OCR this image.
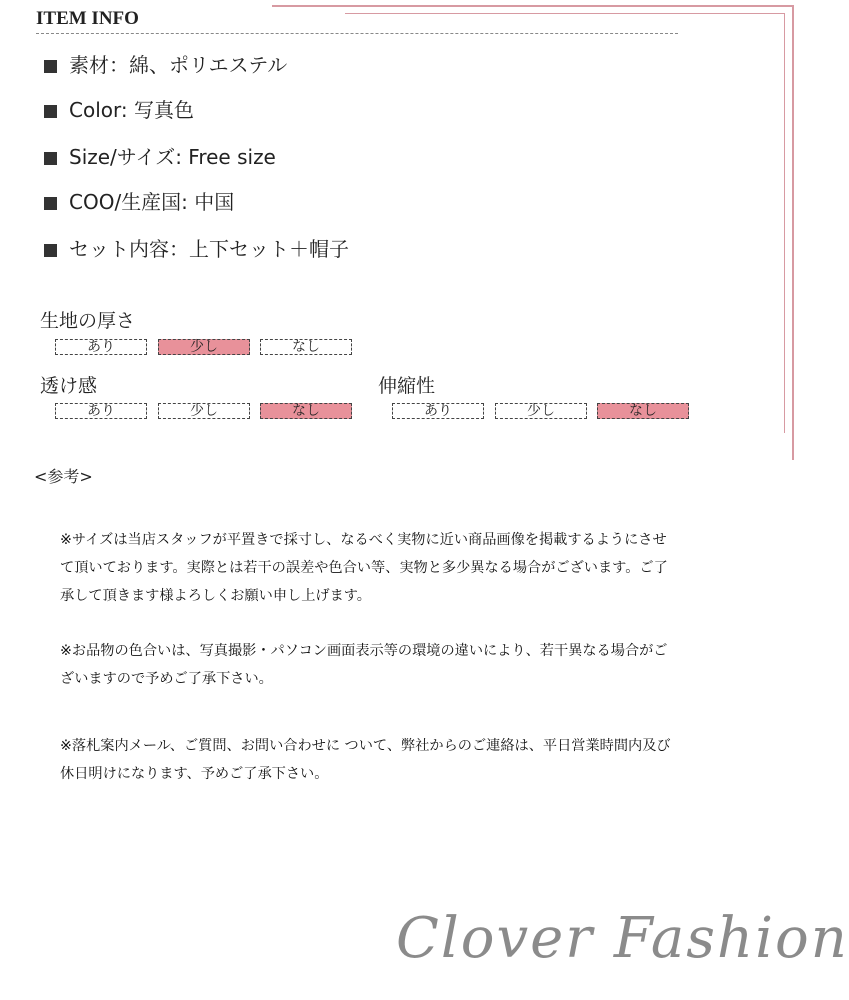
ITEM INFO
素材：綿、ポリエステル
Color: 写真色
Size/サイズ: Free size
COO/生産国: 中国
セット内容：上下セット＋帽子
生地の厚さ
あり	少し	なし
透け感
あり	少し	なし
伸縮性
あり	少し	なし
<参考>

※サイズは当店スタッフが平置きで採寸し、なるべく実物に近い商品画像を掲載するようにさせて頂いております。実際とは若干の誤差や色合い等、実物と多少異なる場合がございます。ご了承して頂きます様よろしくお願い申し上げます。

※お品物の色合いは、写真撮影・パソコン画面表示等の環境の違いにより、若干異なる場合がございますので予めご了承下さい。

※落札案内メール、ご質問、お問い合わせに ついて、弊社からのご連絡は、平日営業時間内及び休日明けになります、予めご了承下さい。

Clover Fashion
